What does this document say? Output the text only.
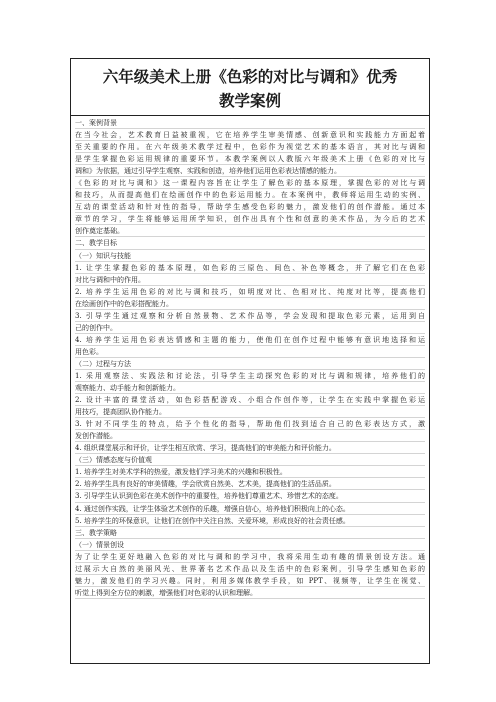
六年级美术上册《色彩的对比与调和》优秀
教学案例
一、案例背景
在当今社会，艺术教育日益被重视，它在培养学生审美情感、创新意识和实践能力方面起着
至关重要的作用。在六年级美术教学过程中，色彩作为视觉艺术的基本语言，其对比与调和
是学生掌握色彩运用规律的重要环节。本教学案例以人教版六年级美术上册《色彩的对比与
调和》为依据，通过引导学生观察、实践和创造，培养他们运用色彩表达情感的能力。
《色彩的对比与调和》这一课程内容旨在让学生了解色彩的基本原理，掌握色彩的对比与调
和技巧，从而提高他们在绘画创作中的色彩运用能力。在本案例中，教师将运用生动的实例、
互动的课堂活动和针对性的指导，帮助学生感受色彩的魅力，激发他们的创作潜能。通过本
章节的学习，学生将能够运用所学知识，创作出具有个性和创意的美术作品，为今后的艺术
创作奠定基础。
二、教学目标
（一）知识与技能
1. 让学生掌握色彩的基本原理，如色彩的三原色、间色、补色等概念，并了解它们在色彩
对比与调和中的作用。
2. 培养学生运用色彩的对比与调和技巧，如明度对比、色相对比、纯度对比等，提高他们
在绘画创作中的色彩搭配能力。
3. 引导学生通过观察和分析自然景物、艺术作品等，学会发现和提取色彩元素，运用到自
己的创作中。
4. 培养学生运用色彩表达情感和主题的能力，使他们在创作过程中能够有意识地选择和运
用色彩。
（二）过程与方法
1. 采用观察法、实践法和讨论法，引导学生主动探究色彩的对比与调和规律，培养他们的
观察能力、动手能力和创新能力。
2. 设计丰富的课堂活动，如色彩搭配游戏、小组合作创作等，让学生在实践中掌握色彩运
用技巧，提高团队协作能力。
3. 针对不同学生的特点，给予个性化的指导，帮助他们找到适合自己的色彩表达方式，激
发创作潜能。
4. 组织课堂展示和评价，让学生相互欣赏、学习，提高他们的审美能力和评价能力。
（三）情感态度与价值观
1. 培养学生对美术学科的热爱，激发他们学习美术的兴趣和积极性。
2. 培养学生具有良好的审美情趣，学会欣赏自然美、艺术美，提高他们的生活品质。
3. 引导学生认识到色彩在美术创作中的重要性，培养他们尊重艺术、珍惜艺术的态度。
4. 通过创作实践，让学生体验艺术创作的乐趣，增强自信心，培养他们积极向上的心态。
5. 培养学生的环保意识，让他们在创作中关注自然、关爱环境，形成良好的社会责任感。
三、教学策略
（一）情景创设
为了让学生更好地融入色彩的对比与调和的学习中，我将采用生动有趣的情景创设方法。通
过展示大自然的美丽风光、世界著名艺术作品以及生活中的色彩案例，引导学生感知色彩的
魅力，激发他们的学习兴趣。同时，利用多媒体教学手段，如 PPT、视频等，让学生在视觉、
听觉上得到全方位的刺激，增强他们对色彩的认识和理解。
